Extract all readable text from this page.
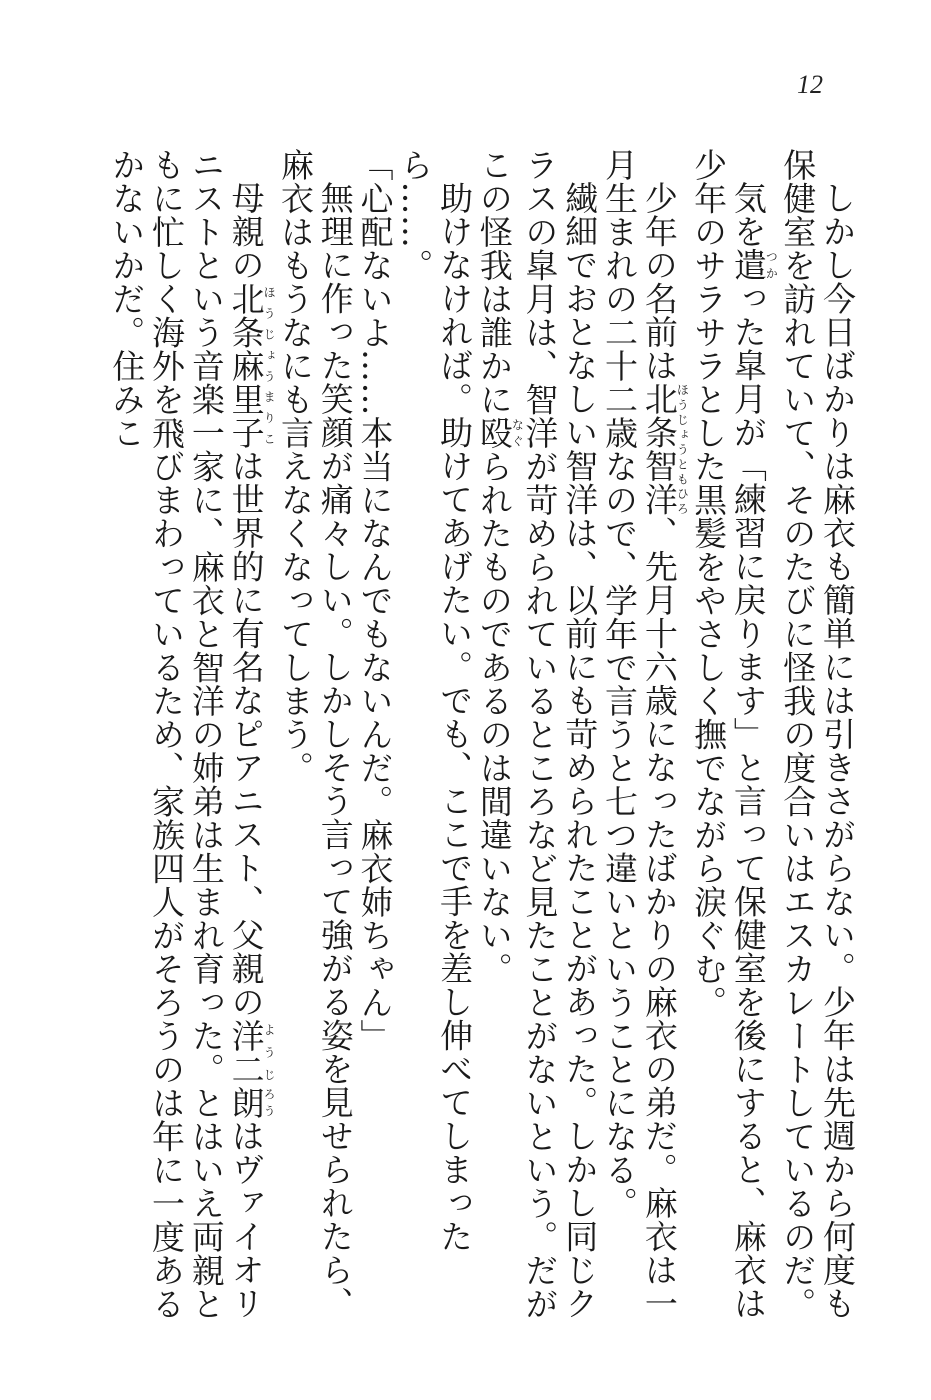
12

しかし今日ばかりは麻衣も簡単には引きさがらない。少年は先週から何度も保健室を訪れていて、そのたびに怪我の度合いはエスカレートしているのだ。

気を遣つかった皐月が「練習に戻ります」と言って保健室を後にすると、麻衣は少年のサラサラとした黒髪をやさしく撫でながら涙ぐむ。

少年の名前は北条智洋ほうじょうともひろ、先月十六歳になったばかりの麻衣の弟だ。麻衣は一月生まれの二十二歳なので、学年で言うと七つ違いということになる。

繊細でおとなしい智洋は、以前にも苛められたことがあった。しかし同じクラスの皐月は、智洋が苛められているところなど見たことがないという。だがこの怪我は誰かに殴なぐられたものであるのは間違いない。

助けなければ。助けてあげたい。でも、ここで手を差し伸べてしまったら……。

「心配ないよ……本当になんでもないんだ。麻衣姉ちゃん」

無理に作った笑顔が痛々しい。しかしそう言って強がる姿を見せられたら、麻衣はもうなにも言えなくなってしまう。

母親の北条麻里子ほうじょうまりこは世界的に有名なピアニスト、父親の洋二ようじ朗ろうはヴァイオリニストという音楽一家に、麻衣と智洋の姉弟は生まれ育った。とはいえ両親ともに忙しく海外を飛びまわっているため、家族四人がそろうのは年に一度あるかないかだ。住みこ
